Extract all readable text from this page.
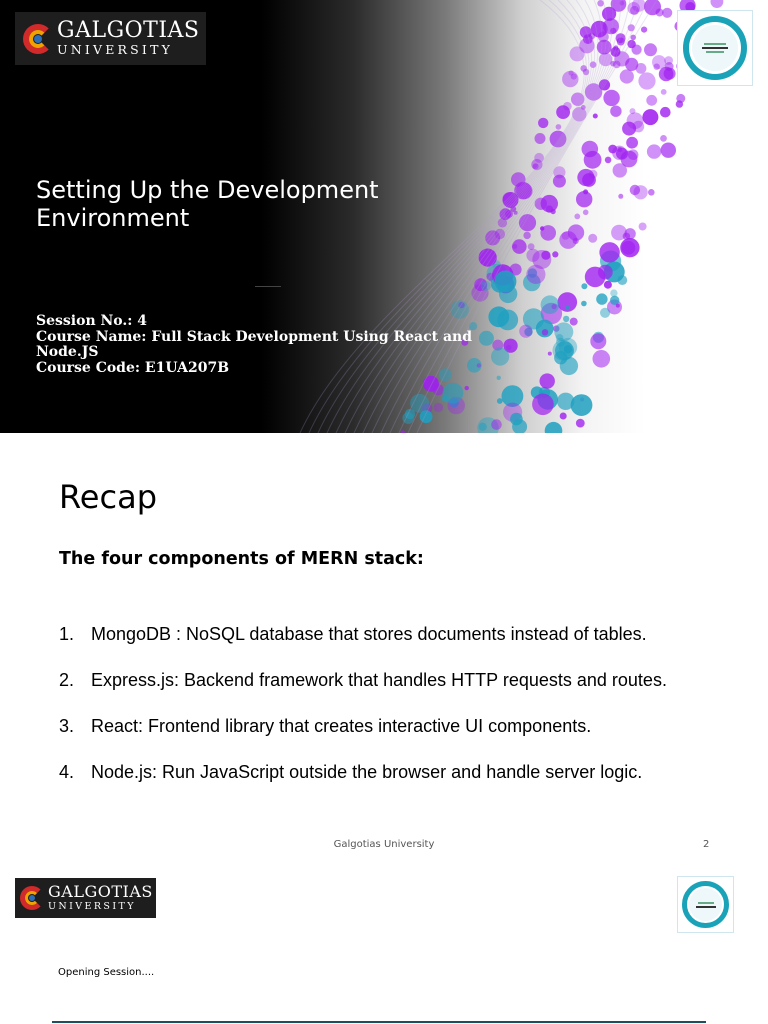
GALGOTIAS
UNIVERSITY
Setting Up the Development Environment
Session No.: 4
Course Name: Full Stack Development Using React and Node.JS
Course Code: E1UA207B
Recap
The four components of MERN stack:
1. MongoDB : NoSQL database that stores documents instead of tables.
2. Express.js: Backend framework that handles HTTP requests and routes.
3. React: Frontend library that creates interactive UI components.
4. Node.js: Run JavaScript outside the browser and handle server logic.
Galgotias University	2
GALGOTIAS
UNIVERSITY
Opening Session....
